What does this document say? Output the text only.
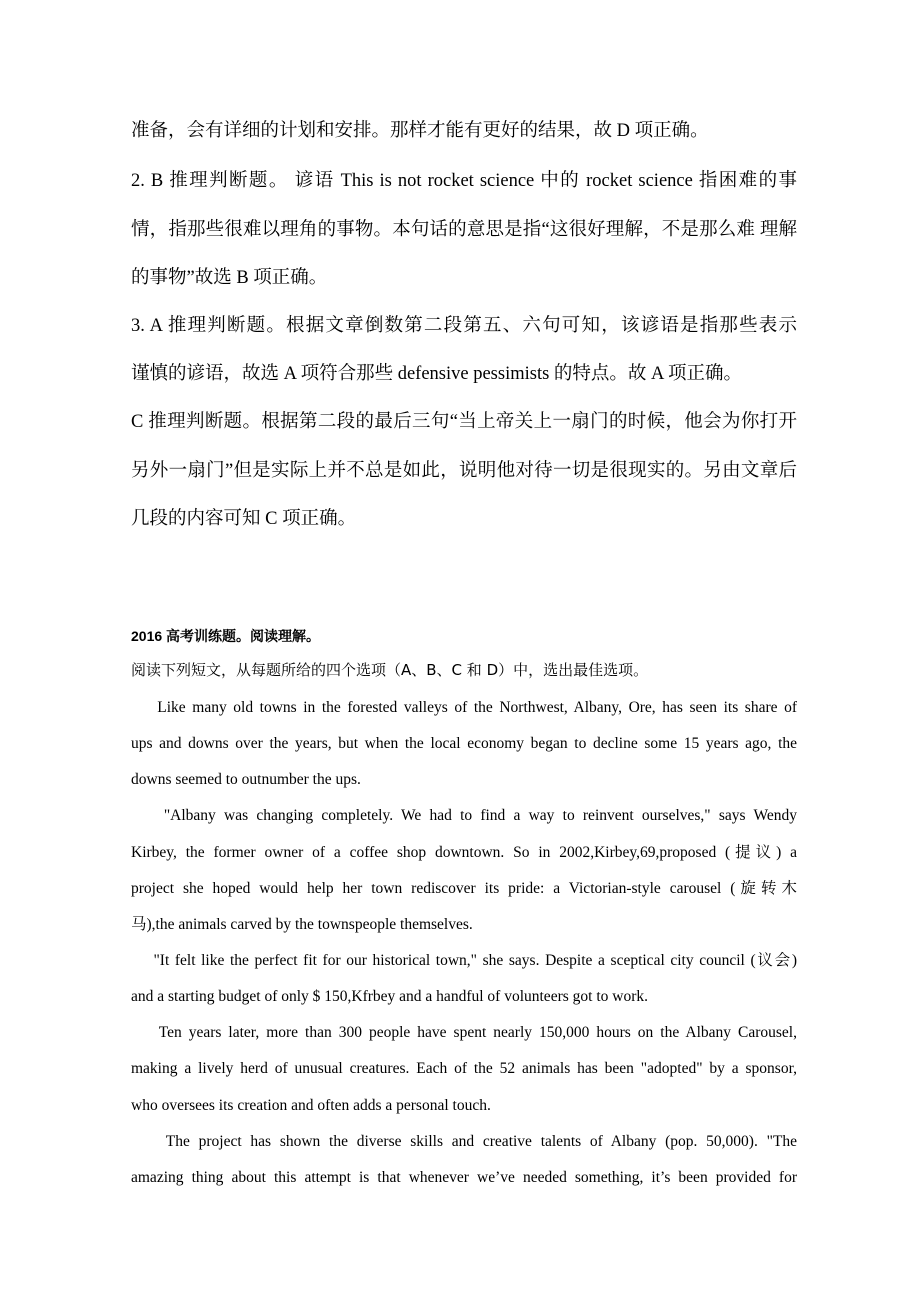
准备，会有详细的计划和安排。那样才能有更好的结果，故 D 项正确。
2. B 推理判断题。 谚语 This is not rocket science 中的 rocket science 指困难的事
情，指那些很难以理角的事物。本句话的意思是指“这很好理解，不是那么难 理解
的事物”故选 B 项正确。
3. A 推理判断题。根据文章倒数第二段第五、六句可知，该谚语是指那些表示
谨慎的谚语，故选 A 项符合那些 defensive pessimists 的特点。故 A 项正确。
C 推理判断题。根据第二段的最后三句“当上帝关上一扇门的时候，他会为你打开
另外一扇门”但是实际上并不总是如此，说明他对待一切是很现实的。另由文章后
几段的内容可知 C 项正确。
2016 高考训练题。阅读理解。
阅读下列短文，从每题所给的四个选项（A、B、C 和 D）中，选出最佳选项。
Like many old towns in the forested valleys of the Northwest, Albany, Ore, has seen its share of
ups and downs over the years, but when the local economy began to decline some 15 years ago, the
downs seemed to outnumber the ups.
"Albany was changing completely. We had to find a way to reinvent ourselves," says Wendy
Kirbey, the former owner of a coffee shop downtown. So in 2002,Kirbey,69,proposed (提议) a
project she hoped would help her town rediscover its pride: a Victorian-style carousel (旋转木
马),the animals carved by the townspeople themselves.
"It felt like the perfect fit for our historical town," she says. Despite a sceptical city council (议会)
and a starting budget of only $ 150,Kfrbey and a handful of volunteers got to work.
Ten years later, more than 300 people have spent nearly 150,000 hours on the Albany Carousel,
making a lively herd of unusual creatures. Each of the 52 animals has been "adopted" by a sponsor,
who oversees its creation and often adds a personal touch.
The project has shown the diverse skills and creative talents of Albany (pop. 50,000). "The
amazing thing about this attempt is that whenever we’ve needed something, it’s been provided for
